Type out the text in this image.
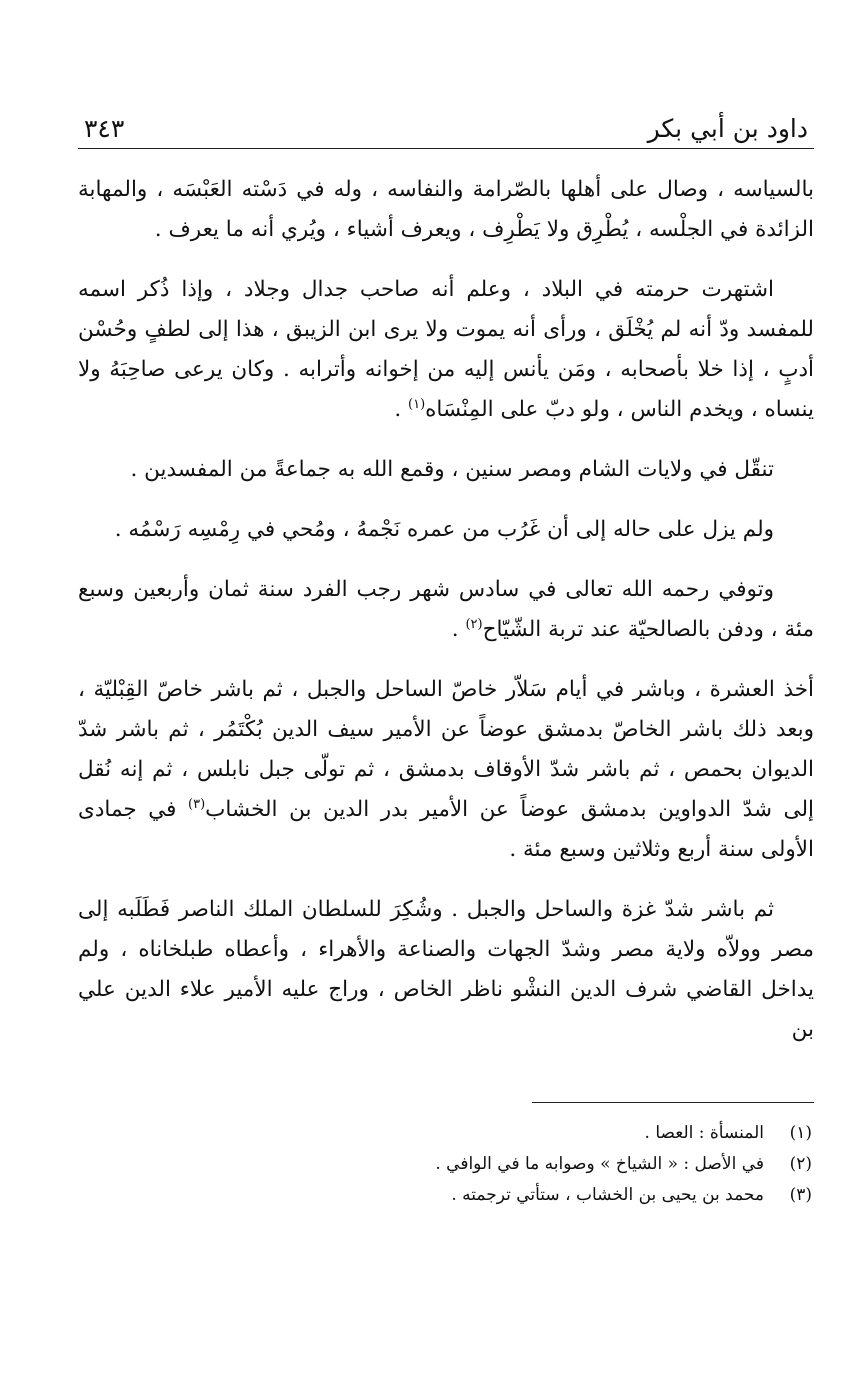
داود بن أبي بكر
٣٤٣

بالسياسه ، وصال على أهلها بالصّرامة والنفاسه ، وله في دَسْته العَبْسَه ، والمهابة الزائدة في الجلْسه ، يُطْرِق ولا يَطْرِف ، ويعرف أشياء ، ويُري أنه ما يعرف .

اشتهرت حرمته في البلاد ، وعلم أنه صاحب جدال وجلاد ، وإذا ذُكر اسمه للمفسد ودّ أنه لم يُخْلَق ، ورأى أنه يموت ولا يرى ابن الزيبق ، هذا إلى لطفٍ وحُسْن أدبٍ ، إذا خلا بأصحابه ، ومَن يأنس إليه من إخوانه وأترابه . وكان يرعى صاحِبَهُ ولا ينساه ، ويخدم الناس ، ولو دبّ على المِنْسَاه$^{(١)}$ .

تنقّل في ولايات الشام ومصر سنين ، وقمع الله به جماعةً من المفسدين .

ولم يزل على حاله إلى أن غَرُب من عمره نَجْمهُ ، ومُحي في رِمْسِه رَسْمُه .

وتوفي رحمه الله تعالى في سادس شهر رجب الفرد سنة ثمان وأربعين وسبع مئة ، ودفن بالصالحيّة عند تربة الشّيّاح$^{(٢)}$ .

أخذ العشرة ، وباشر في أيام سَلاّر خاصّ الساحل والجبل ، ثم باشر خاصّ القِبْليّة ، وبعد ذلك باشر الخاصّ بدمشق عوضاً عن الأمير سيف الدين بُكْتَمُر ، ثم باشر شدّ الديوان بحمص ، ثم باشر شدّ الأوقاف بدمشق ، ثم تولّى جبل نابلس ، ثم إنه نُقل إلى شدّ الدواوين بدمشق عوضاً عن الأمير بدر الدين بن الخشاب$^{(٣)}$ في جمادى الأولى سنة أربع وثلاثين وسبع مئة .

ثم باشر شدّ غزة والساحل والجبل . وشُكِرَ للسلطان الملك الناصر فَطَلَبه إلى مصر وولاّه ولاية مصر وشدّ الجهات والصناعة والأهراء ، وأعطاه طبلخاناه ، ولم يداخل القاضي شرف الدين النشْو ناظر الخاص ، وراج عليه الأمير علاء الدين علي بن

(١)المنسأة : العصا .
(٢)في الأصل : « الشياخ » وصوابه ما في الوافي .
(٣)محمد بن يحيى بن الخشاب ، ستأتي ترجمته .
